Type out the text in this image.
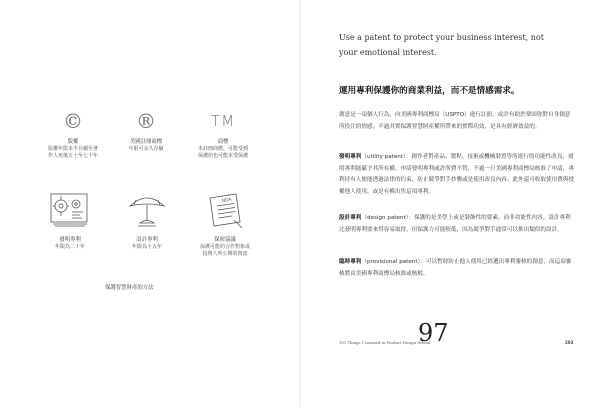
©
版權
版權年限多半存續至著
作人死後五十至七十年
®
美國註冊商標
年限可永久存續
TM
商標
未註冊商標，可能受到
保護但也可能未受保護
發明專利
年限為二十年
設計專利
年限為十五年
NDA
保密協議
保護可能的合作對象或
投資人所公開的資訊
保護智慧財產的方法
Use a patent to protect your business interest, not your emotional interest.
運用專利保護你的商業利益，而不是情感需求。
創意是一項個人行為，向美國專利商標局（USPTO）進行註冊，或許有助於鞏固你對自身創意所投注的情感；不過其實保護智慧財產權所帶來的實際功效，是具有經濟效益的。
發明專利（utility patent）：創作者對產品、製程、技術或機械裝置等所進行的功能性改良，發明專利能賦予其所有權。申請發明專利或許所費不貲，不過一旦美國專利商標局核准了申請，專利持有人便能透過法律的約束，防止競爭對手抄襲或是使用改良內容。此外還可收取使用費與授權他人使用，或是有權出售這項專利。
設計專利（design patent）：保護的是美學上或是裝飾性的要素，而非功能性內容。設計專利比發明專利要來得容易取得，但保護力可能較低，因為競爭對手通常可以推出類似的設計。
臨時專利（provisional patent）：可以暫時防止他人使用已經遞出專利審核的創意，而這項審核將由美國專利商標局核准或核駁。
101 Things I Learned in Product Design School
97	203
